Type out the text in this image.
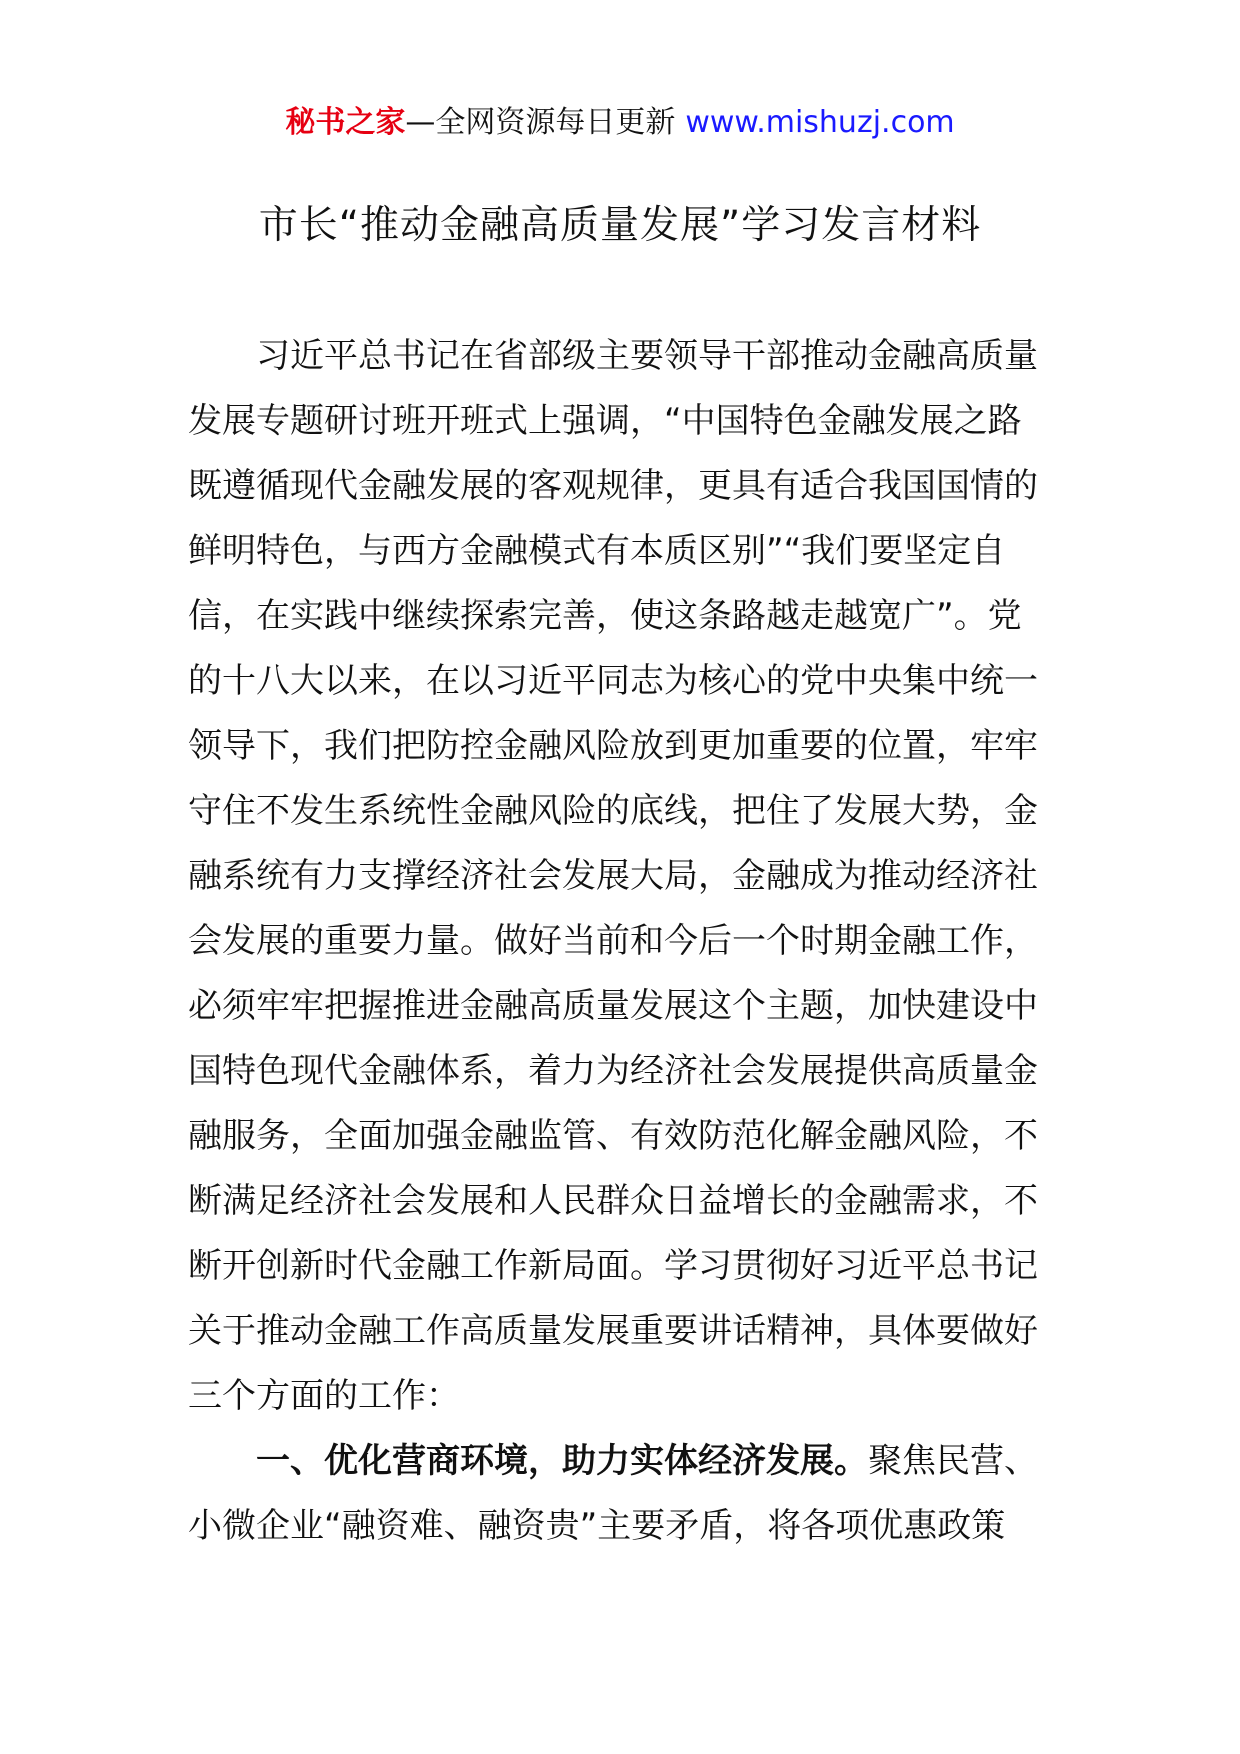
秘书之家—全网资源每日更新 www.mishuzj.com
市长“推动金融高质量发展”学习发言材料
习近平总书记在省部级主要领导干部推动金融高质量
发展专题研讨班开班式上强调，“中国特色金融发展之路
既遵循现代金融发展的客观规律，更具有适合我国国情的
鲜明特色，与西方金融模式有本质区别”“我们要坚定自
信，在实践中继续探索完善，使这条路越走越宽广”。党
的十八大以来，在以习近平同志为核心的党中央集中统一
领导下，我们把防控金融风险放到更加重要的位置，牢牢
守住不发生系统性金融风险的底线，把住了发展大势，金
融系统有力支撑经济社会发展大局，金融成为推动经济社
会发展的重要力量。做好当前和今后一个时期金融工作，
必须牢牢把握推进金融高质量发展这个主题，加快建设中
国特色现代金融体系，着力为经济社会发展提供高质量金
融服务，全面加强金融监管、有效防范化解金融风险，不
断满足经济社会发展和人民群众日益增长的金融需求，不
断开创新时代金融工作新局面。学习贯彻好习近平总书记
关于推动金融工作高质量发展重要讲话精神，具体要做好
三个方面的工作：
一、优化营商环境，助力实体经济发展。聚焦民营、
小微企业“融资难、融资贵”主要矛盾，将各项优惠政策
